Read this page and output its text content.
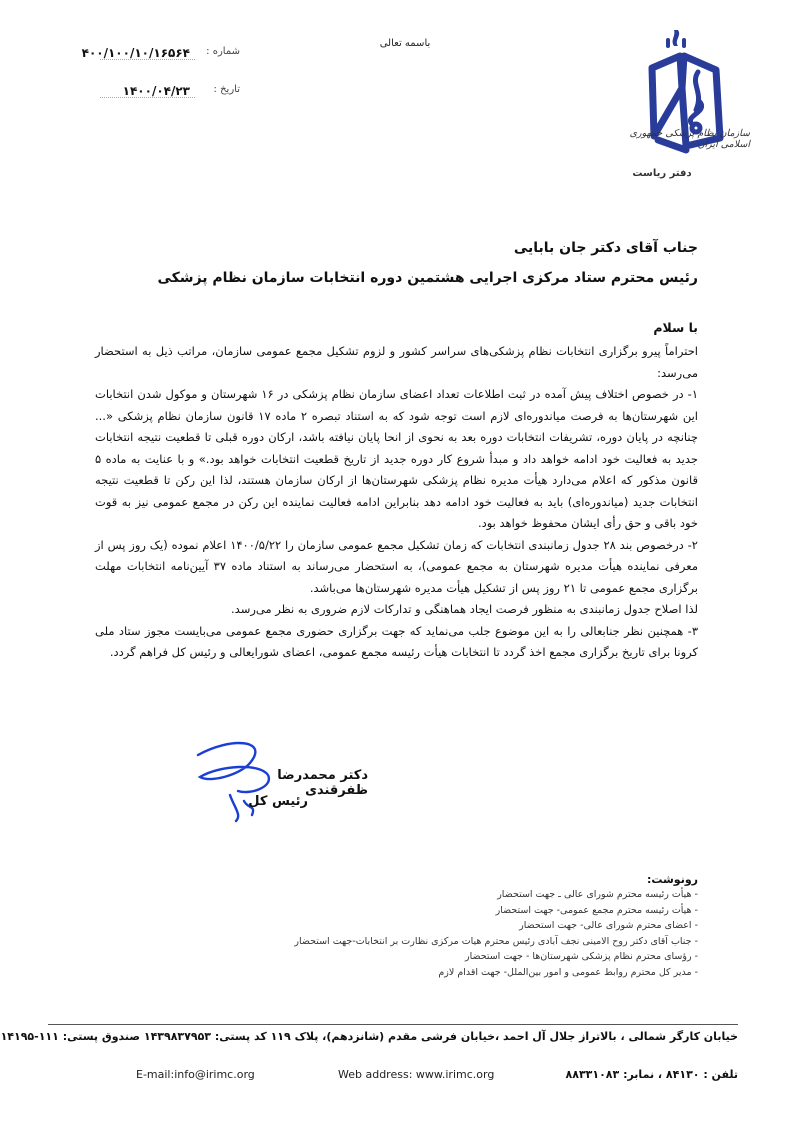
باسمه تعالی
شماره :
۴۰۰/۱۰۰/۱۰/۱۶۵۶۴
تاریخ :
۱۴۰۰/۰۴/۲۳
سازمان نظام پزشکی جمهوری اسلامی ایران
دفتر ریاست
جناب آقای دکتر جان بابایی
رئیس محترم ستاد مرکزی اجرایی هشتمین دوره انتخابات سازمان نظام پزشکی
با سلام

احتراماً پیرو برگزاری انتخابات نظام پزشکی‌های سراسر کشور و لزوم تشکیل مجمع عمومی سازمان، مراتب ذیل به استحضار می‌رسد:

۱- در خصوص اختلاف پیش آمده در ثبت اطلاعات تعداد اعضای سازمان نظام پزشکی در ۱۶ شهرستان و موکول شدن انتخابات این شهرستان‌ها به فرصت میاندوره‌ای لازم است توجه شود که به استناد تبصره ۲ ماده ۱۷ قانون سازمان نظام پزشکی «... چنانچه در پایان دوره، تشریفات انتخابات دوره بعد به نحوی از انحا پایان نیافته باشد، ارکان دوره قبلی تا قطعیت نتیجه انتخابات جدید به فعالیت خود ادامه خواهد داد و مبدأ شروع کار دوره جدید از تاریخ قطعیت انتخابات خواهد بود.» و با عنایت به ماده ۵ قانون مذکور که اعلام می‌دارد هیأت مدیره نظام پزشکی شهرستان‌ها از ارکان سازمان هستند، لذا این رکن تا قطعیت نتیجه انتخابات جدید (میاندوره‌ای) باید به فعالیت خود ادامه دهد بنابراین ادامه فعالیت نماینده این رکن در مجمع عمومی نیز به قوت خود باقی و حق رأی ایشان محفوظ خواهد بود.

۲- درخصوص بند ۲۸ جدول زمانبندی انتخابات که زمان تشکیل مجمع عمومی سازمان را ۱۴۰۰/۵/۲۲ اعلام نموده (یک روز پس از معرفی نماینده هیأت مدیره شهرستان به مجمع عمومی)، به استحضار می‌رساند به استناد ماده ۳۷ آیین‌نامه انتخابات مهلت برگزاری مجمع عمومی تا ۲۱ روز پس از تشکیل هیأت مدیره شهرستان‌ها می‌باشد.

لذا اصلاح جدول زمانبندی به منظور فرصت ایجاد هماهنگی و تدارکات لازم ضروری به نظر می‌رسد.

۳- همچنین نظر جنابعالی را به این موضوع جلب می‌نماید که جهت برگزاری حضوری مجمع عمومی می‌بایست مجوز ستاد ملی کرونا برای تاریخ برگزاری مجمع اخذ گردد تا انتخابات هیأت رئیسه مجمع عمومی، اعضای شورایعالی و رئیس کل فراهم گردد.

دکتر محمدرضا ظفرقندی
رئیس کل
رونوشت:
- هیأت رئیسه محترم شورای عالی ـ جهت استحضار
- هیأت رئیسه محترم مجمع عمومی- جهت استحضار
- اعضای محترم شورای عالی- جهت استحضار
- جناب آقای دکتر روح الامینی نجف آبادی رئیس محترم هیات مرکزی نظارت بر انتخابات-جهت استحضار
- رؤسای محترم نظام پزشکی شهرستان‌ها - جهت استحضار
- مدیر کل محترم روابط عمومی و امور بین‌الملل- جهت اقدام لازم
خیابان کارگر شمالی ، بالاتراز جلال آل احمد ،خیابان فرشی مقدم (شانزدهم)، پلاک ۱۱۹ کد پستی: ۱۴۳۹۸۳۷۹۵۳ صندوق پستی: ۱۱۱-۱۴۱۹۵
E-mail:info@irimc.org	Web address: www.irimc.org	تلفن : ۸۴۱۳۰ ، نمابر: ۸۸۳۳۱۰۸۳
